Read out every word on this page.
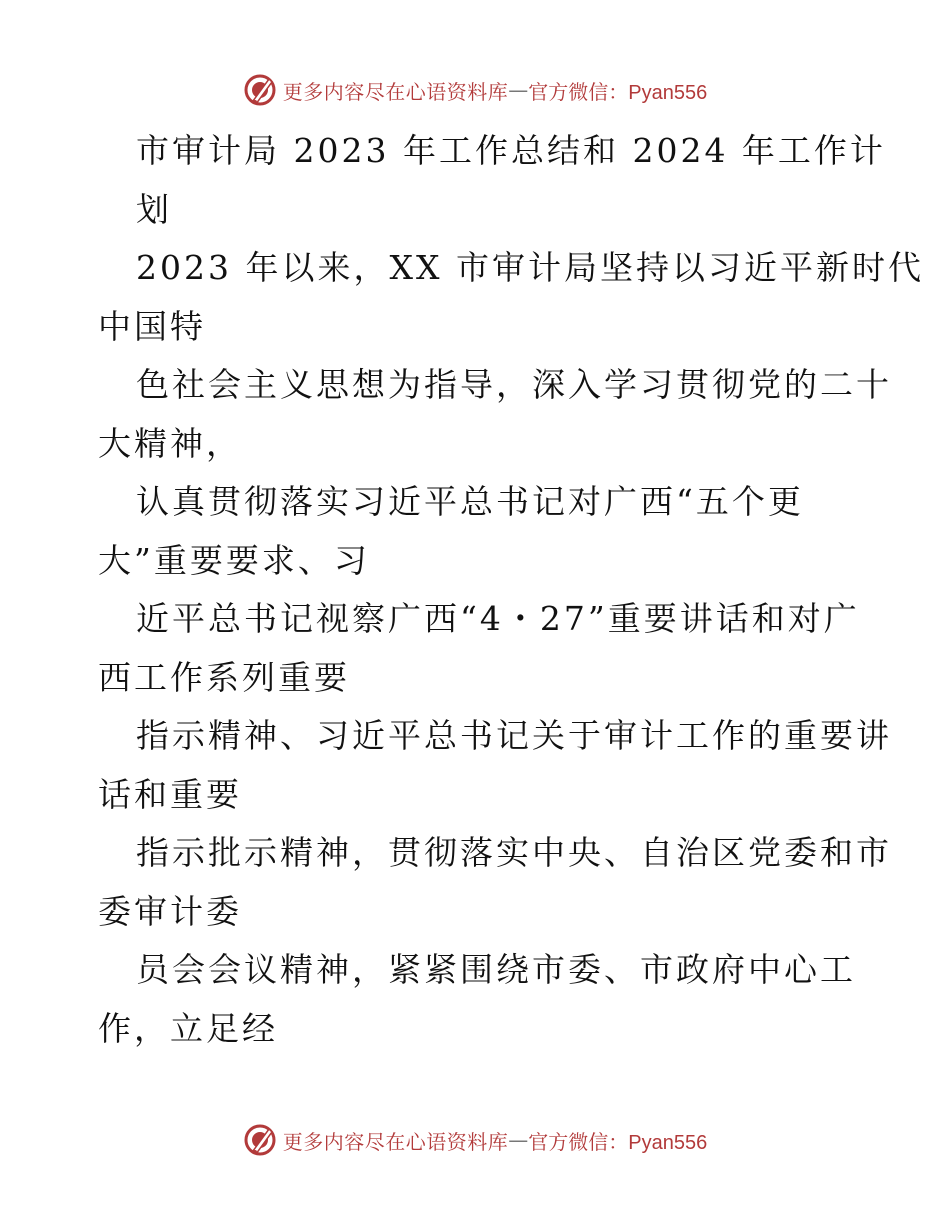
更多内容尽在心语资料库 — 官方微信：Pyan556
市审计局 2023 年工作总结和 2024 年工作计
划
2023 年以来，XX 市审计局坚持以习近平新时代
中国特
色社会主义思想为指导，深入学习贯彻党的二十
大精神，
认真贯彻落实习近平总书记对广西“五个更
大”重要要求、习
近平总书记视察广西“4・27”重要讲话和对广
西工作系列重要
指示精神、习近平总书记关于审计工作的重要讲
话和重要
指示批示精神，贯彻落实中央、自治区党委和市
委审计委
员会会议精神，紧紧围绕市委、市政府中心工
作，立足经
更多内容尽在心语资料库 — 官方微信：Pyan556
